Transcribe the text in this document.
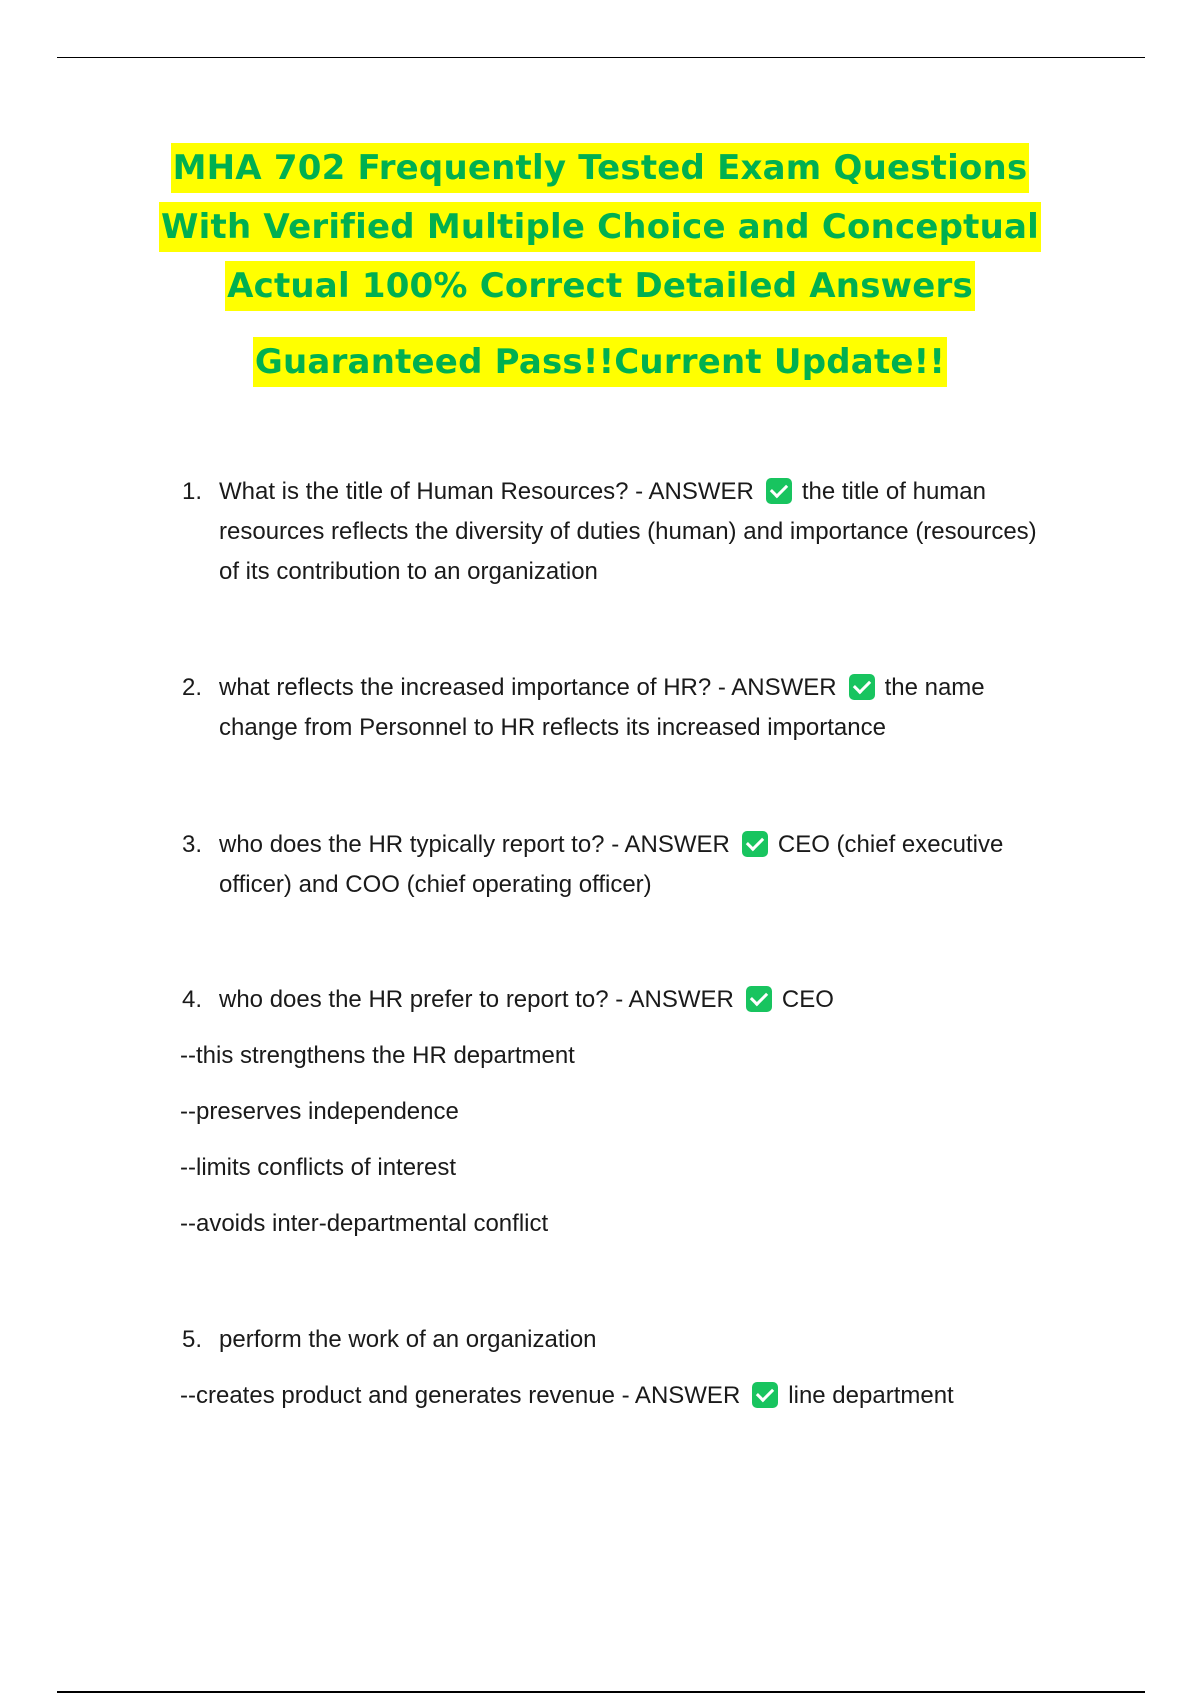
MHA 702 Frequently Tested Exam Questions
With Verified Multiple Choice and Conceptual
Actual 100% Correct Detailed Answers
Guaranteed Pass!!Current Update!!
1. What is the title of Human Resources? - ANSWER the title of human resources reflects the diversity of duties (human) and importance (resources) of its contribution to an organization
2. what reflects the increased importance of HR? - ANSWER the name change from Personnel to HR reflects its increased importance
3. who does the HR typically report to? - ANSWER CEO (chief executive officer) and COO (chief operating officer)
4. who does the HR prefer to report to? - ANSWER CEO
--this strengthens the HR department
--preserves independence
--limits conflicts of interest
--avoids inter-departmental conflict
5. perform the work of an organization
--creates product and generates revenue - ANSWER line department
